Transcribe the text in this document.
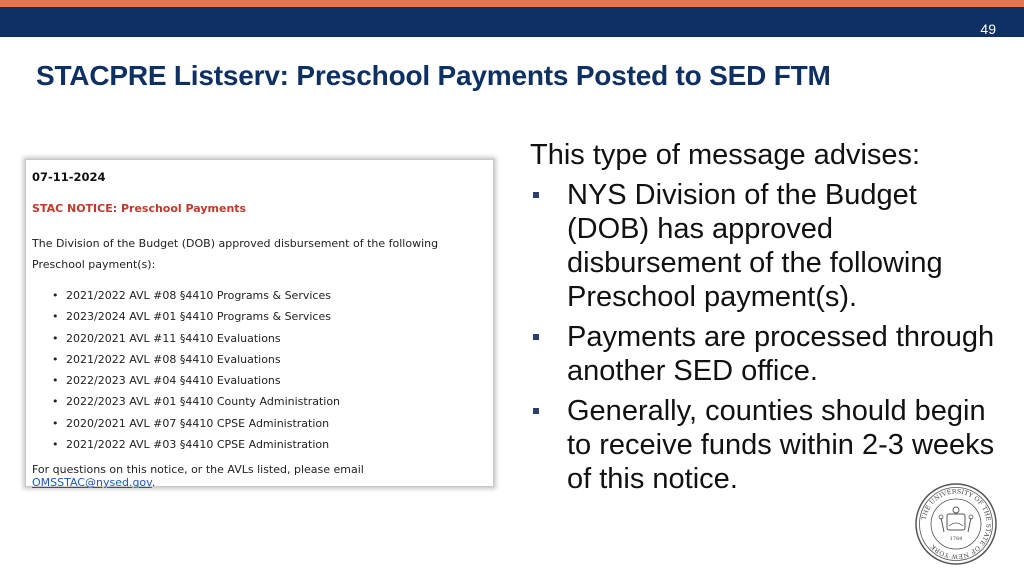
49
STACPRE Listserv: Preschool Payments Posted to SED FTM

07-11-2024

STAC NOTICE: Preschool Payments

The Division of the Budget (DOB) approved disbursement of the following Preschool payment(s):

• 2021/2022 AVL #08 §4410 Programs & Services
• 2023/2024 AVL #01 §4410 Programs & Services
• 2020/2021 AVL #11 §4410 Evaluations
• 2021/2022 AVL #08 §4410 Evaluations
• 2022/2023 AVL #04 §4410 Evaluations
• 2022/2023 AVL #01 §4410 County Administration
• 2020/2021 AVL #07 §4410 CPSE Administration
• 2021/2022 AVL #03 §4410 CPSE Administration

For questions on this notice, or the AVLs listed, please email OMSSTAC@nysed.gov.

This type of message advises:

NYS Division of the Budget (DOB) has approved disbursement of the following Preschool payment(s).
Payments are processed through another SED office.
Generally, counties should begin to receive funds within 2-3 weeks of this notice.
THE UNIVERSITY OF THE STATE OF NEW YORK
1784
